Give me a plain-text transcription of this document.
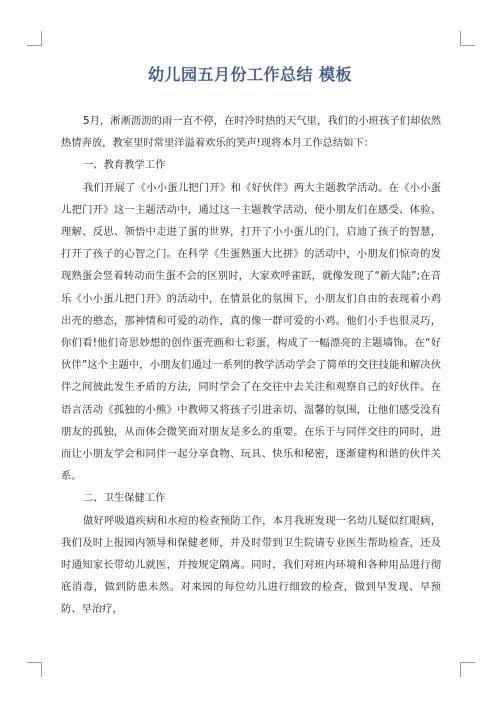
幼儿园五月份工作总结 模板

5月，淅淅沥沥的雨一直不停，在时冷时热的天气里，我们的小班孩子们却依然热情奔放，教室里时常里洋溢着欢乐的笑声!现将本月工作总结如下：

一、教育教学工作

我们开展了《小小蛋儿把门开》和《好伙伴》两大主题教学活动。在《小小蛋儿把门开》这一主题活动中，通过这一主题教学活动，使小朋友们在感受、体验、理解、反思、领悟中走进了蛋的世界，打开了小小蛋儿的门，启迪了孩子的智慧，打开了孩子的心智之门。在科学《生蛋熟蛋大比拼》的活动中，小朋友们惊奇的发现熟蛋会竖着转动而生蛋不会的区别时，大家欢呼雀跃，就像发现了“新大陆”;在音乐《小小蛋儿把门开》的活动中，在情景化的氛围下，小朋友们自由的表现着小鸡出壳的憨态，那神情和可爱的动作，真的像一群可爱的小鸡。他们小手也很灵巧，你们看!他们奇思妙想的创作蛋壳画和七彩蛋，构成了一幅漂亮的主题墙饰。在“好伙伴”这个主题中，小朋友们通过一系列的教学活动学会了简单的交往技能和解决伙伴之间彼此发生矛盾的方法，同时学会了在交往中去关注和观察自己的好伙伴。在语言活动《孤独的小熊》中教师又将孩子引进亲切、温馨的氛围，让他们感受没有朋友的孤独，从而体会微笑面对朋友是多么的重要。在乐于与同伴交往的同时，进而让小朋友学会和同伴一起分享食物、玩具、快乐和秘密，逐渐建构和谐的伙伴关系。

二、卫生保健工作

做好呼吸道疾病和水痘的检查预防工作，本月我班发现一名幼儿疑似红眼病，我们及时上报园内领导和保健老师，并及时带到卫生院请专业医生帮助检查，还及时通知家长带幼儿就医，并按规定隔离。同时，我们对班内环境和各种用品进行彻底消毒，做到防患未然。对来园的每位幼儿进行细致的检查，做到早发现、早预防、早治疗，
